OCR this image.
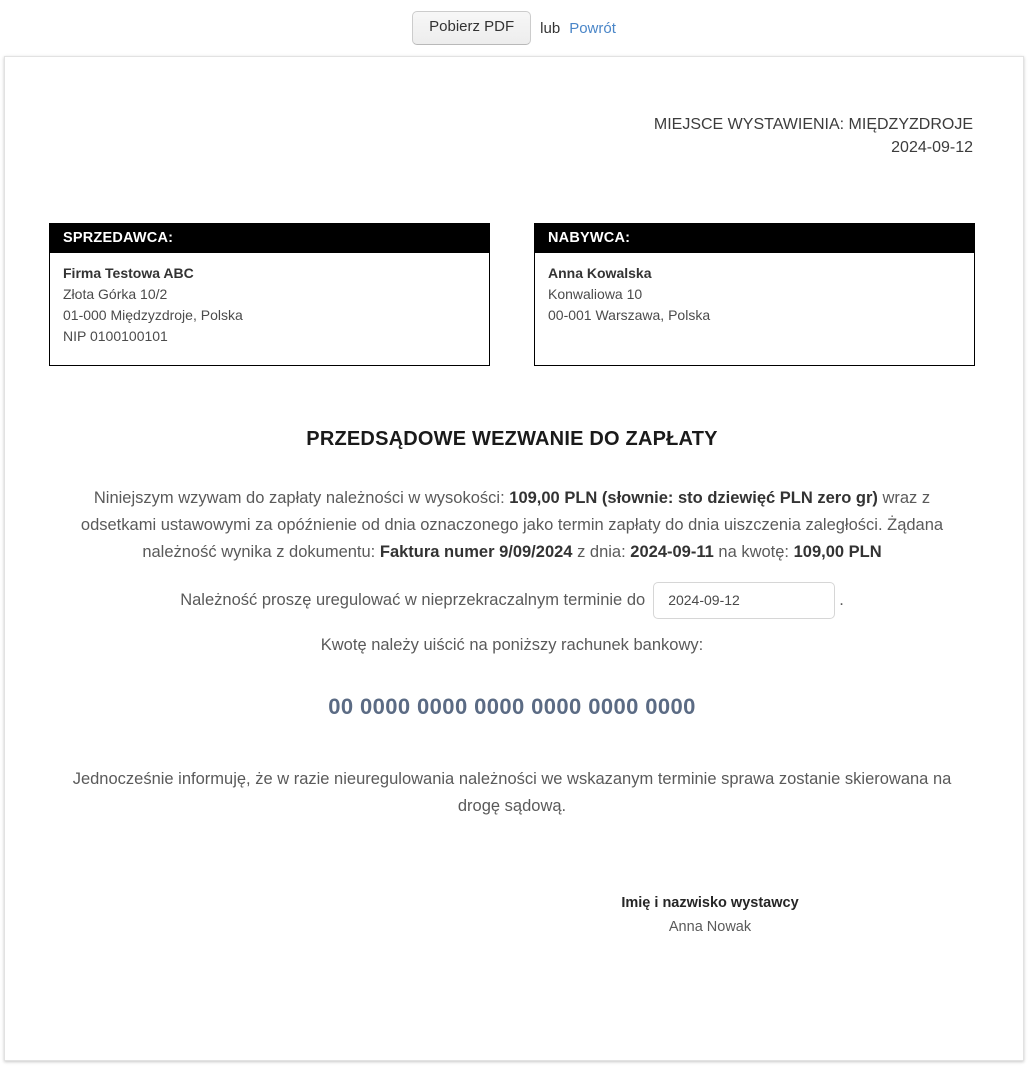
Pobierz PDF	lub Powrót
MIEJSCE WYSTAWIENIA: MIĘDZYZDROJE
2024-09-12
SPRZEDAWCA:
Firma Testowa ABC
Złota Górka 10/2
01-000 Międzyzdroje, Polska
NIP 0100100101
NABYWCA:
Anna Kowalska
Konwaliowa 10
00-001 Warszawa, Polska
PRZEDSĄDOWE WEZWANIE DO ZAPŁATY
Niniejszym wzywam do zapłaty należności w wysokości: 109,00 PLN (słownie: sto dziewięć PLN zero gr) wraz z odsetkami ustawowymi za opóźnienie od dnia oznaczonego jako termin zapłaty do dnia uiszczenia zaległości. Żądana należność wynika z dokumentu: Faktura numer 9/09/2024 z dnia: 2024-09-11 na kwotę: 109,00 PLN
Należność proszę uregulować w nieprzekraczalnym terminie do
2024-09-12	.
Kwotę należy uiścić na poniższy rachunek bankowy:
00 0000 0000 0000 0000 0000 0000
Jednocześnie informuję, że w razie nieuregulowania należności we wskazanym terminie sprawa zostanie skierowana na drogę sądową.
Imię i nazwisko wystawcy
Anna Nowak
